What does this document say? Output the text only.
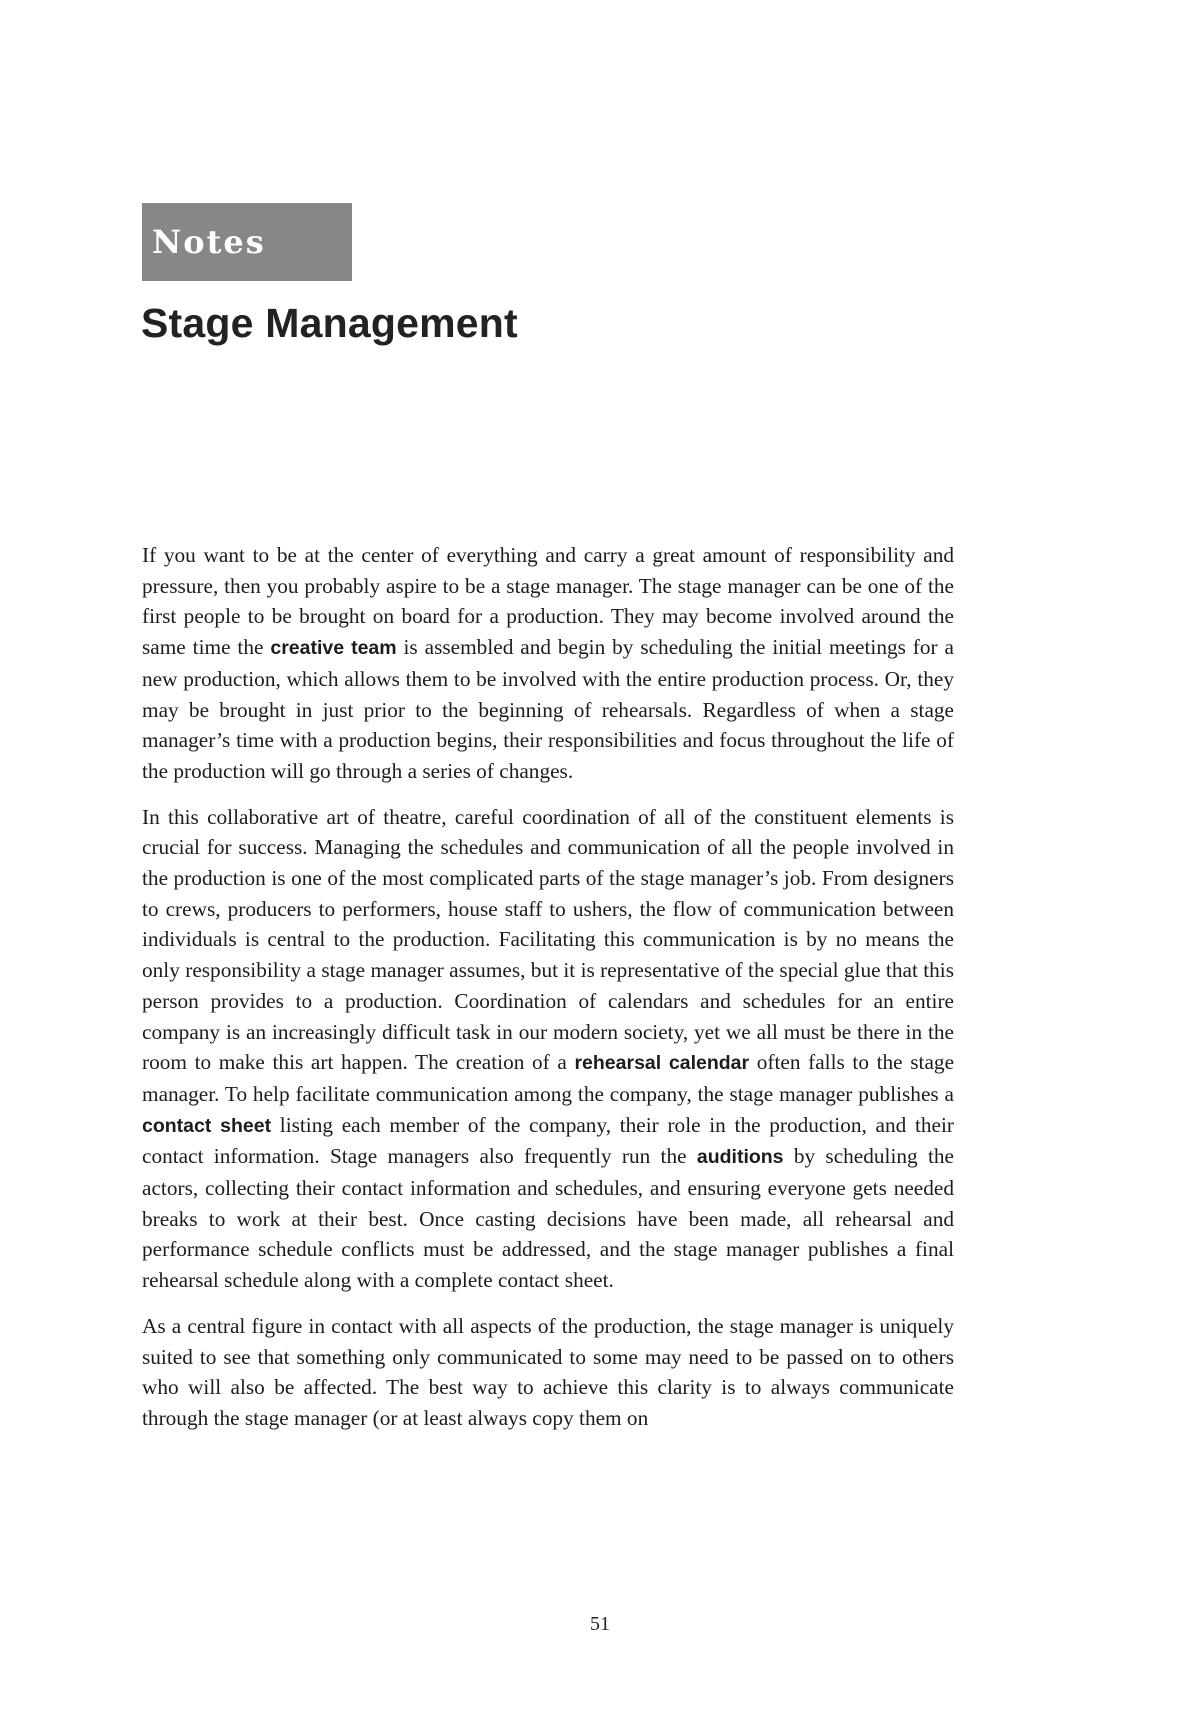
Notes
Stage Management

If you want to be at the center of everything and carry a great amount of responsibility and pressure, then you probably aspire to be a stage manager. The stage manager can be one of the first people to be brought on board for a production. They may become involved around the same time the creative team is assembled and begin by scheduling the initial meetings for a new production, which allows them to be involved with the entire production process. Or, they may be brought in just prior to the beginning of rehearsals. Regardless of when a stage manager’s time with a production begins, their responsibilities and focus throughout the life of the production will go through a series of changes.

In this collaborative art of theatre, careful coordination of all of the constituent elements is crucial for success. Managing the schedules and communication of all the people involved in the production is one of the most complicated parts of the stage manager’s job. From designers to crews, producers to performers, house staff to ushers, the flow of communication between individuals is central to the production. Facilitating this communication is by no means the only responsibility a stage manager assumes, but it is representative of the special glue that this person provides to a production. Coordination of calendars and schedules for an entire company is an increasingly difficult task in our modern society, yet we all must be there in the room to make this art happen. The creation of a rehearsal calendar often falls to the stage manager. To help facilitate communication among the company, the stage manager publishes a contact sheet listing each member of the company, their role in the production, and their contact information. Stage managers also frequently run the auditions by scheduling the actors, collecting their contact information and schedules, and ensuring everyone gets needed breaks to work at their best. Once casting decisions have been made, all rehearsal and performance schedule conflicts must be addressed, and the stage manager publishes a final rehearsal schedule along with a complete contact sheet.

As a central figure in contact with all aspects of the production, the stage manager is uniquely suited to see that something only communicated to some may need to be passed on to others who will also be affected. The best way to achieve this clarity is to always communicate through the stage manager (or at least always copy them on

51
